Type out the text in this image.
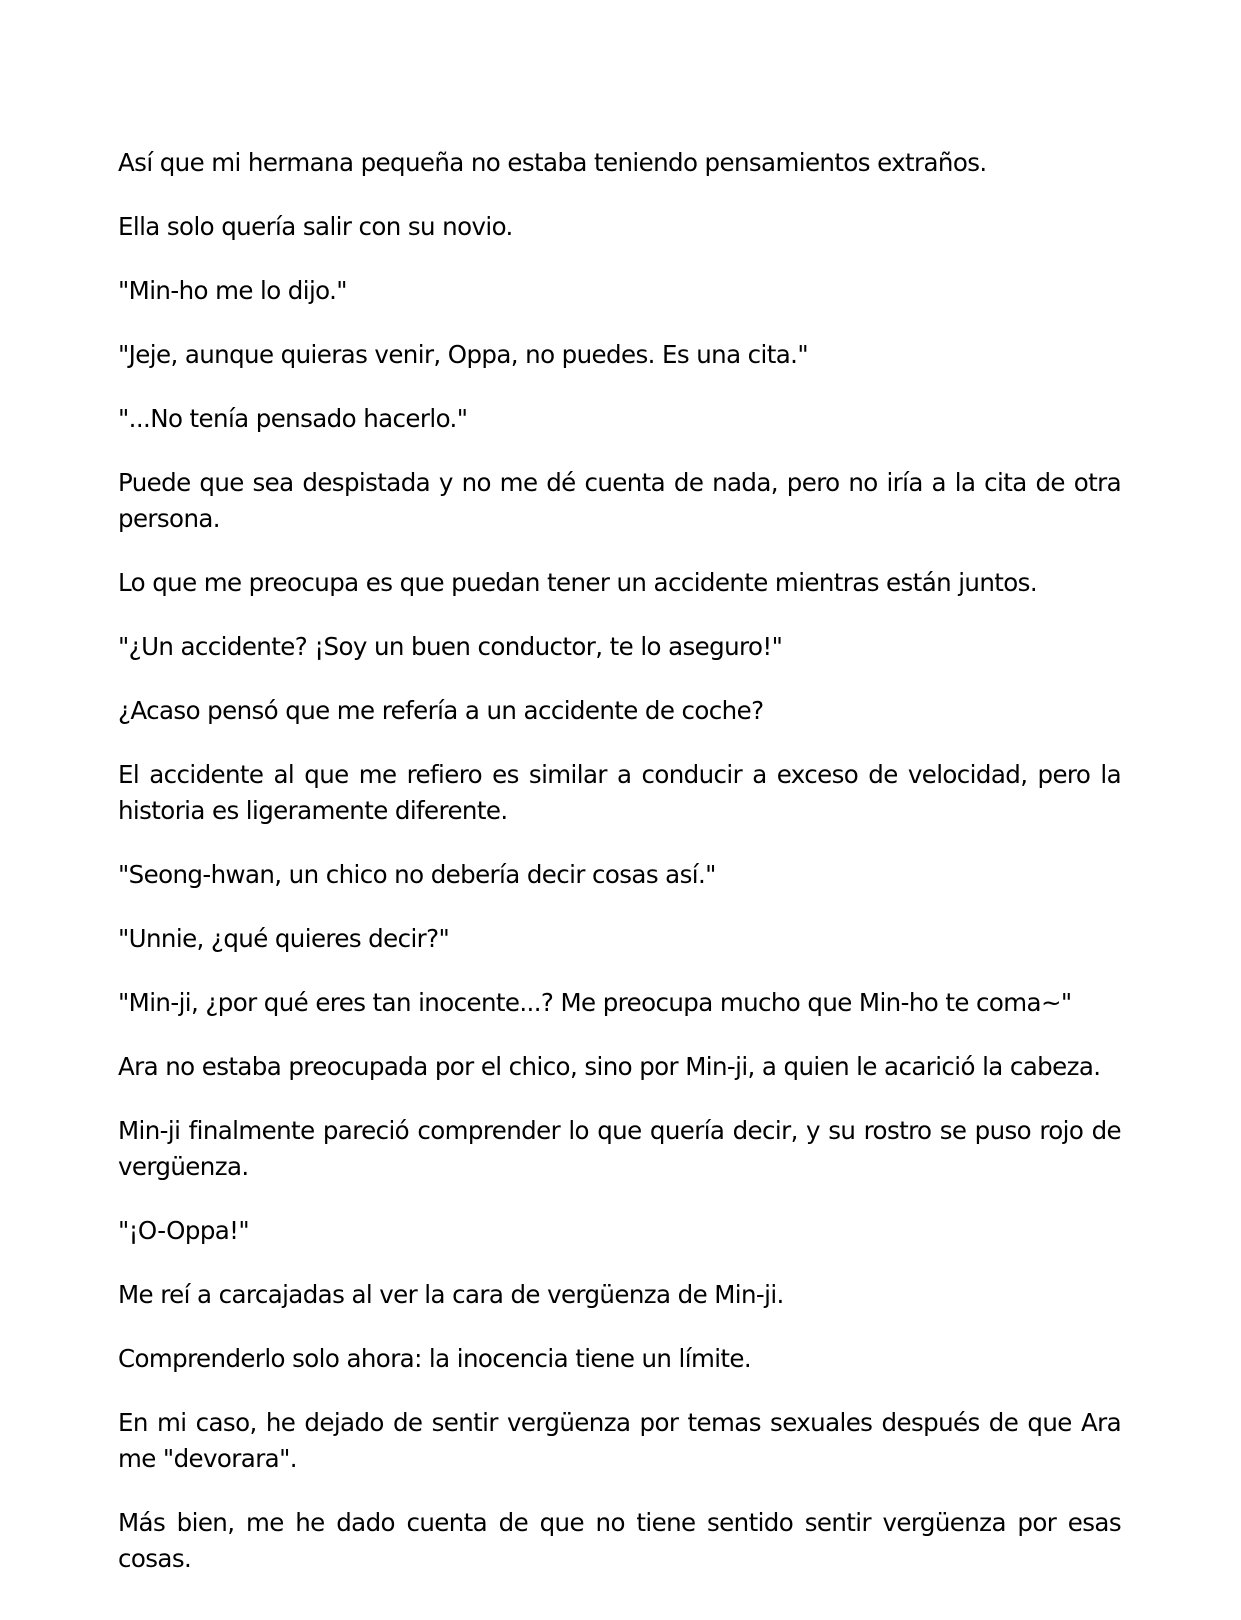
Así que mi hermana pequeña no estaba teniendo pensamientos extraños.

Ella solo quería salir con su novio.

"Min-ho me lo dijo."

"Jeje, aunque quieras venir, Oppa, no puedes. Es una cita."

"...No tenía pensado hacerlo."

Puede que sea despistada y no me dé cuenta de nada, pero no iría a la cita de otra persona.

Lo que me preocupa es que puedan tener un accidente mientras están juntos.

"¿Un accidente? ¡Soy un buen conductor, te lo aseguro!"

¿Acaso pensó que me refería a un accidente de coche?

El accidente al que me refiero es similar a conducir a exceso de velocidad, pero la historia es ligeramente diferente.

"Seong-hwan, un chico no debería decir cosas así."

"Unnie, ¿qué quieres decir?"

"Min-ji, ¿por qué eres tan inocente...? Me preocupa mucho que Min-ho te coma~"

Ara no estaba preocupada por el chico, sino por Min-ji, a quien le acarició la cabeza.

Min-ji finalmente pareció comprender lo que quería decir, y su rostro se puso rojo de vergüenza.

"¡O-Oppa!"

Me reí a carcajadas al ver la cara de vergüenza de Min-ji.

Comprenderlo solo ahora: la inocencia tiene un límite.

En mi caso, he dejado de sentir vergüenza por temas sexuales después de que Ara me "devorara".

Más bien, me he dado cuenta de que no tiene sentido sentir vergüenza por esas cosas.
